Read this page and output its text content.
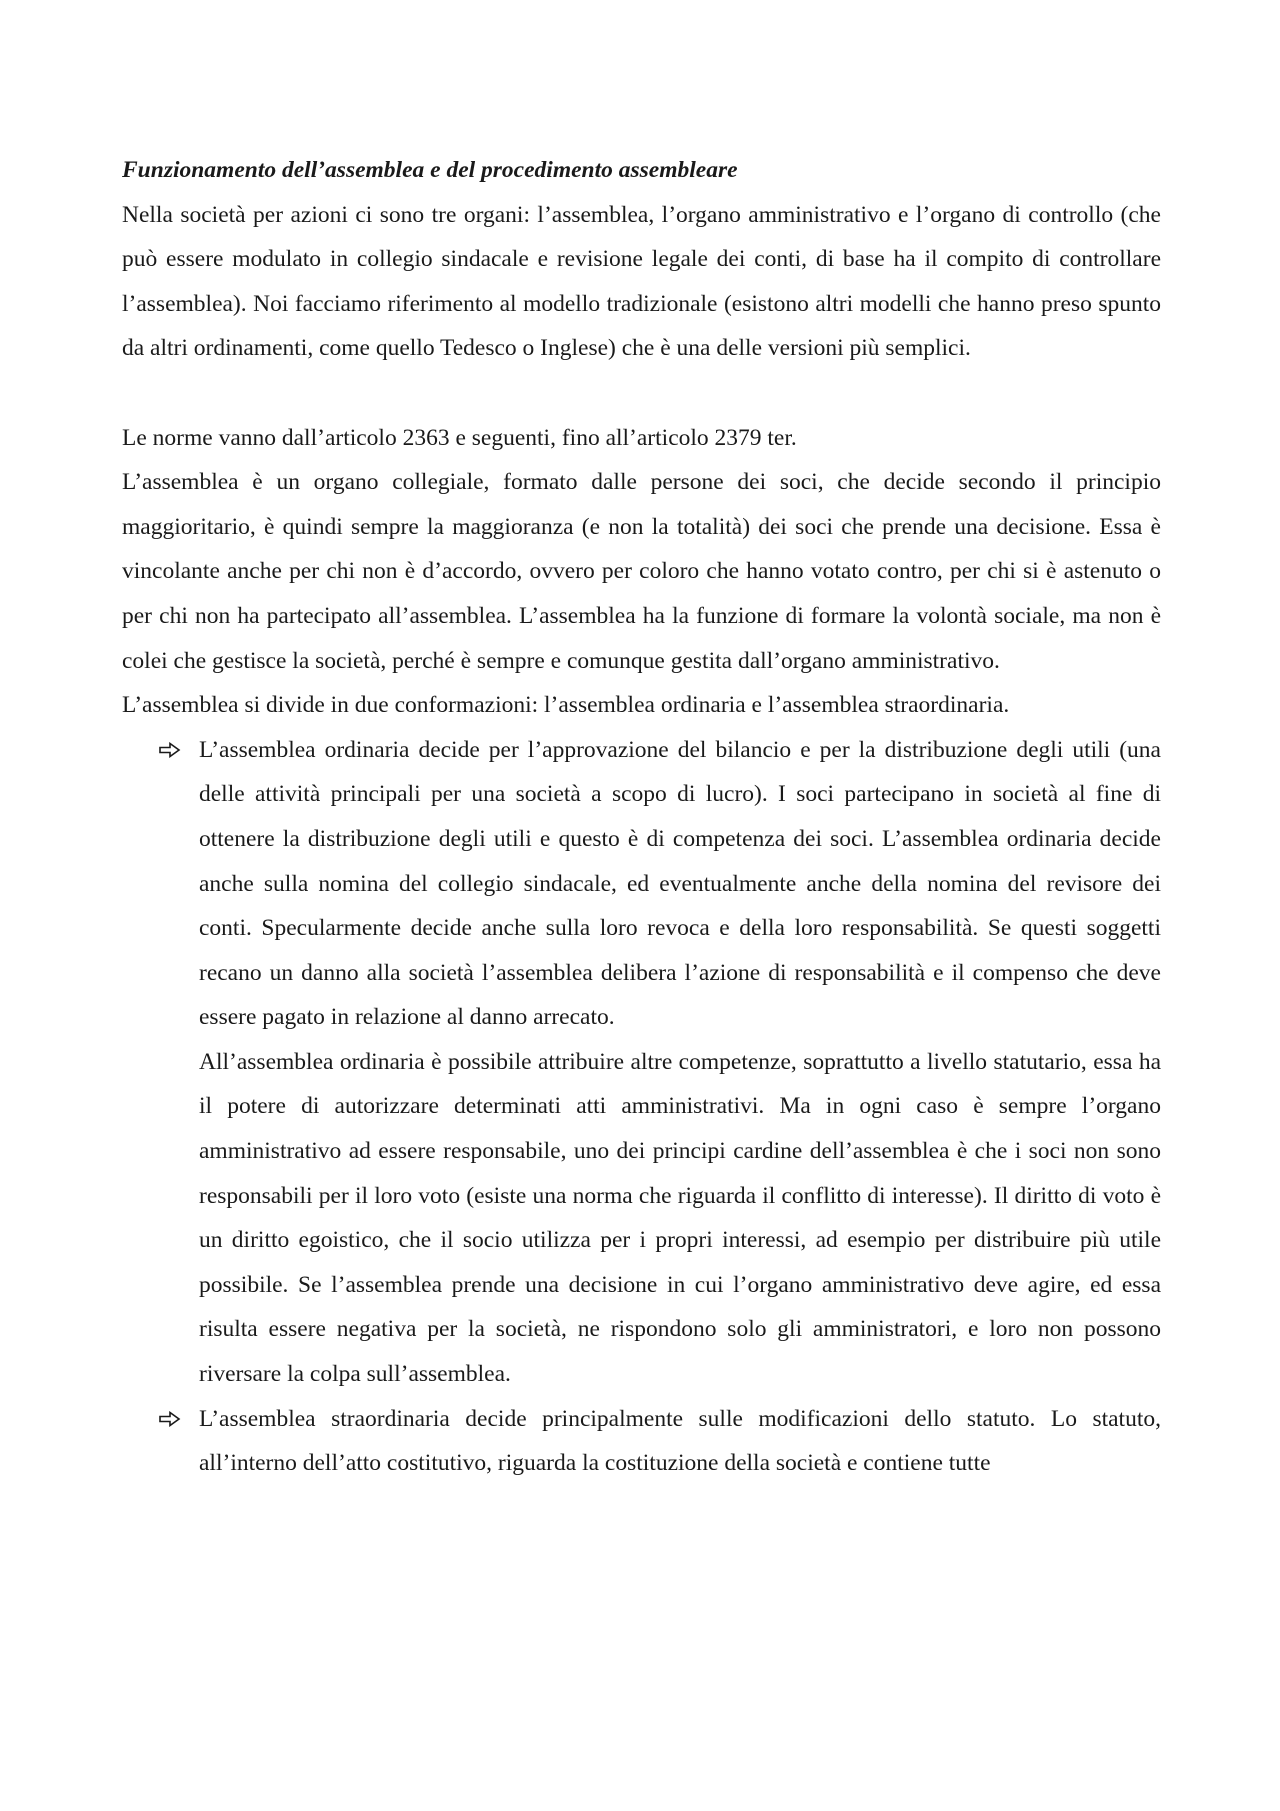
Funzionamento dell’assemblea e del procedimento assembleare

Nella società per azioni ci sono tre organi: l’assemblea, l’organo amministrativo e l’organo di controllo (che può essere modulato in collegio sindacale e revisione legale dei conti, di base ha il compito di controllare l’assemblea). Noi facciamo riferimento al modello tradizionale (esistono altri modelli che hanno preso spunto da altri ordinamenti, come quello Tedesco o Inglese) che è una delle versioni più semplici.

Le norme vanno dall’articolo 2363 e seguenti, fino all’articolo 2379 ter.

L’assemblea è un organo collegiale, formato dalle persone dei soci, che decide secondo il principio maggioritario, è quindi sempre la maggioranza (e non la totalità) dei soci che prende una decisione. Essa è vincolante anche per chi non è d’accordo, ovvero per coloro che hanno votato contro, per chi si è astenuto o per chi non ha partecipato all’assemblea. L’assemblea ha la funzione di formare la volontà sociale, ma non è colei che gestisce la società, perché è sempre e comunque gestita dall’organo amministrativo.

L’assemblea si divide in due conformazioni: l’assemblea ordinaria e l’assemblea straordinaria.

L’assemblea ordinaria decide per l’approvazione del bilancio e per la distribuzione degli utili (una delle attività principali per una società a scopo di lucro). I soci partecipano in società al fine di ottenere la distribuzione degli utili e questo è di competenza dei soci. L’assemblea ordinaria decide anche sulla nomina del collegio sindacale, ed eventualmente anche della nomina del revisore dei conti. Specularmente decide anche sulla loro revoca e della loro responsabilità. Se questi soggetti recano un danno alla società l’assemblea delibera l’azione di responsabilità e il compenso che deve essere pagato in relazione al danno arrecato.

All’assemblea ordinaria è possibile attribuire altre competenze, soprattutto a livello statutario, essa ha il potere di autorizzare determinati atti amministrativi. Ma in ogni caso è sempre l’organo amministrativo ad essere responsabile, uno dei principi cardine dell’assemblea è che i soci non sono responsabili per il loro voto (esiste una norma che riguarda il conflitto di interesse). Il diritto di voto è un diritto egoistico, che il socio utilizza per i propri interessi, ad esempio per distribuire più utile possibile. Se l’assemblea prende una decisione in cui l’organo amministrativo deve agire, ed essa risulta essere negativa per la società, ne rispondono solo gli amministratori, e loro non possono riversare la colpa sull’assemblea.

L’assemblea straordinaria decide principalmente sulle modificazioni dello statuto. Lo statuto, all’interno dell’atto costitutivo, riguarda la costituzione della società e contiene tutte
